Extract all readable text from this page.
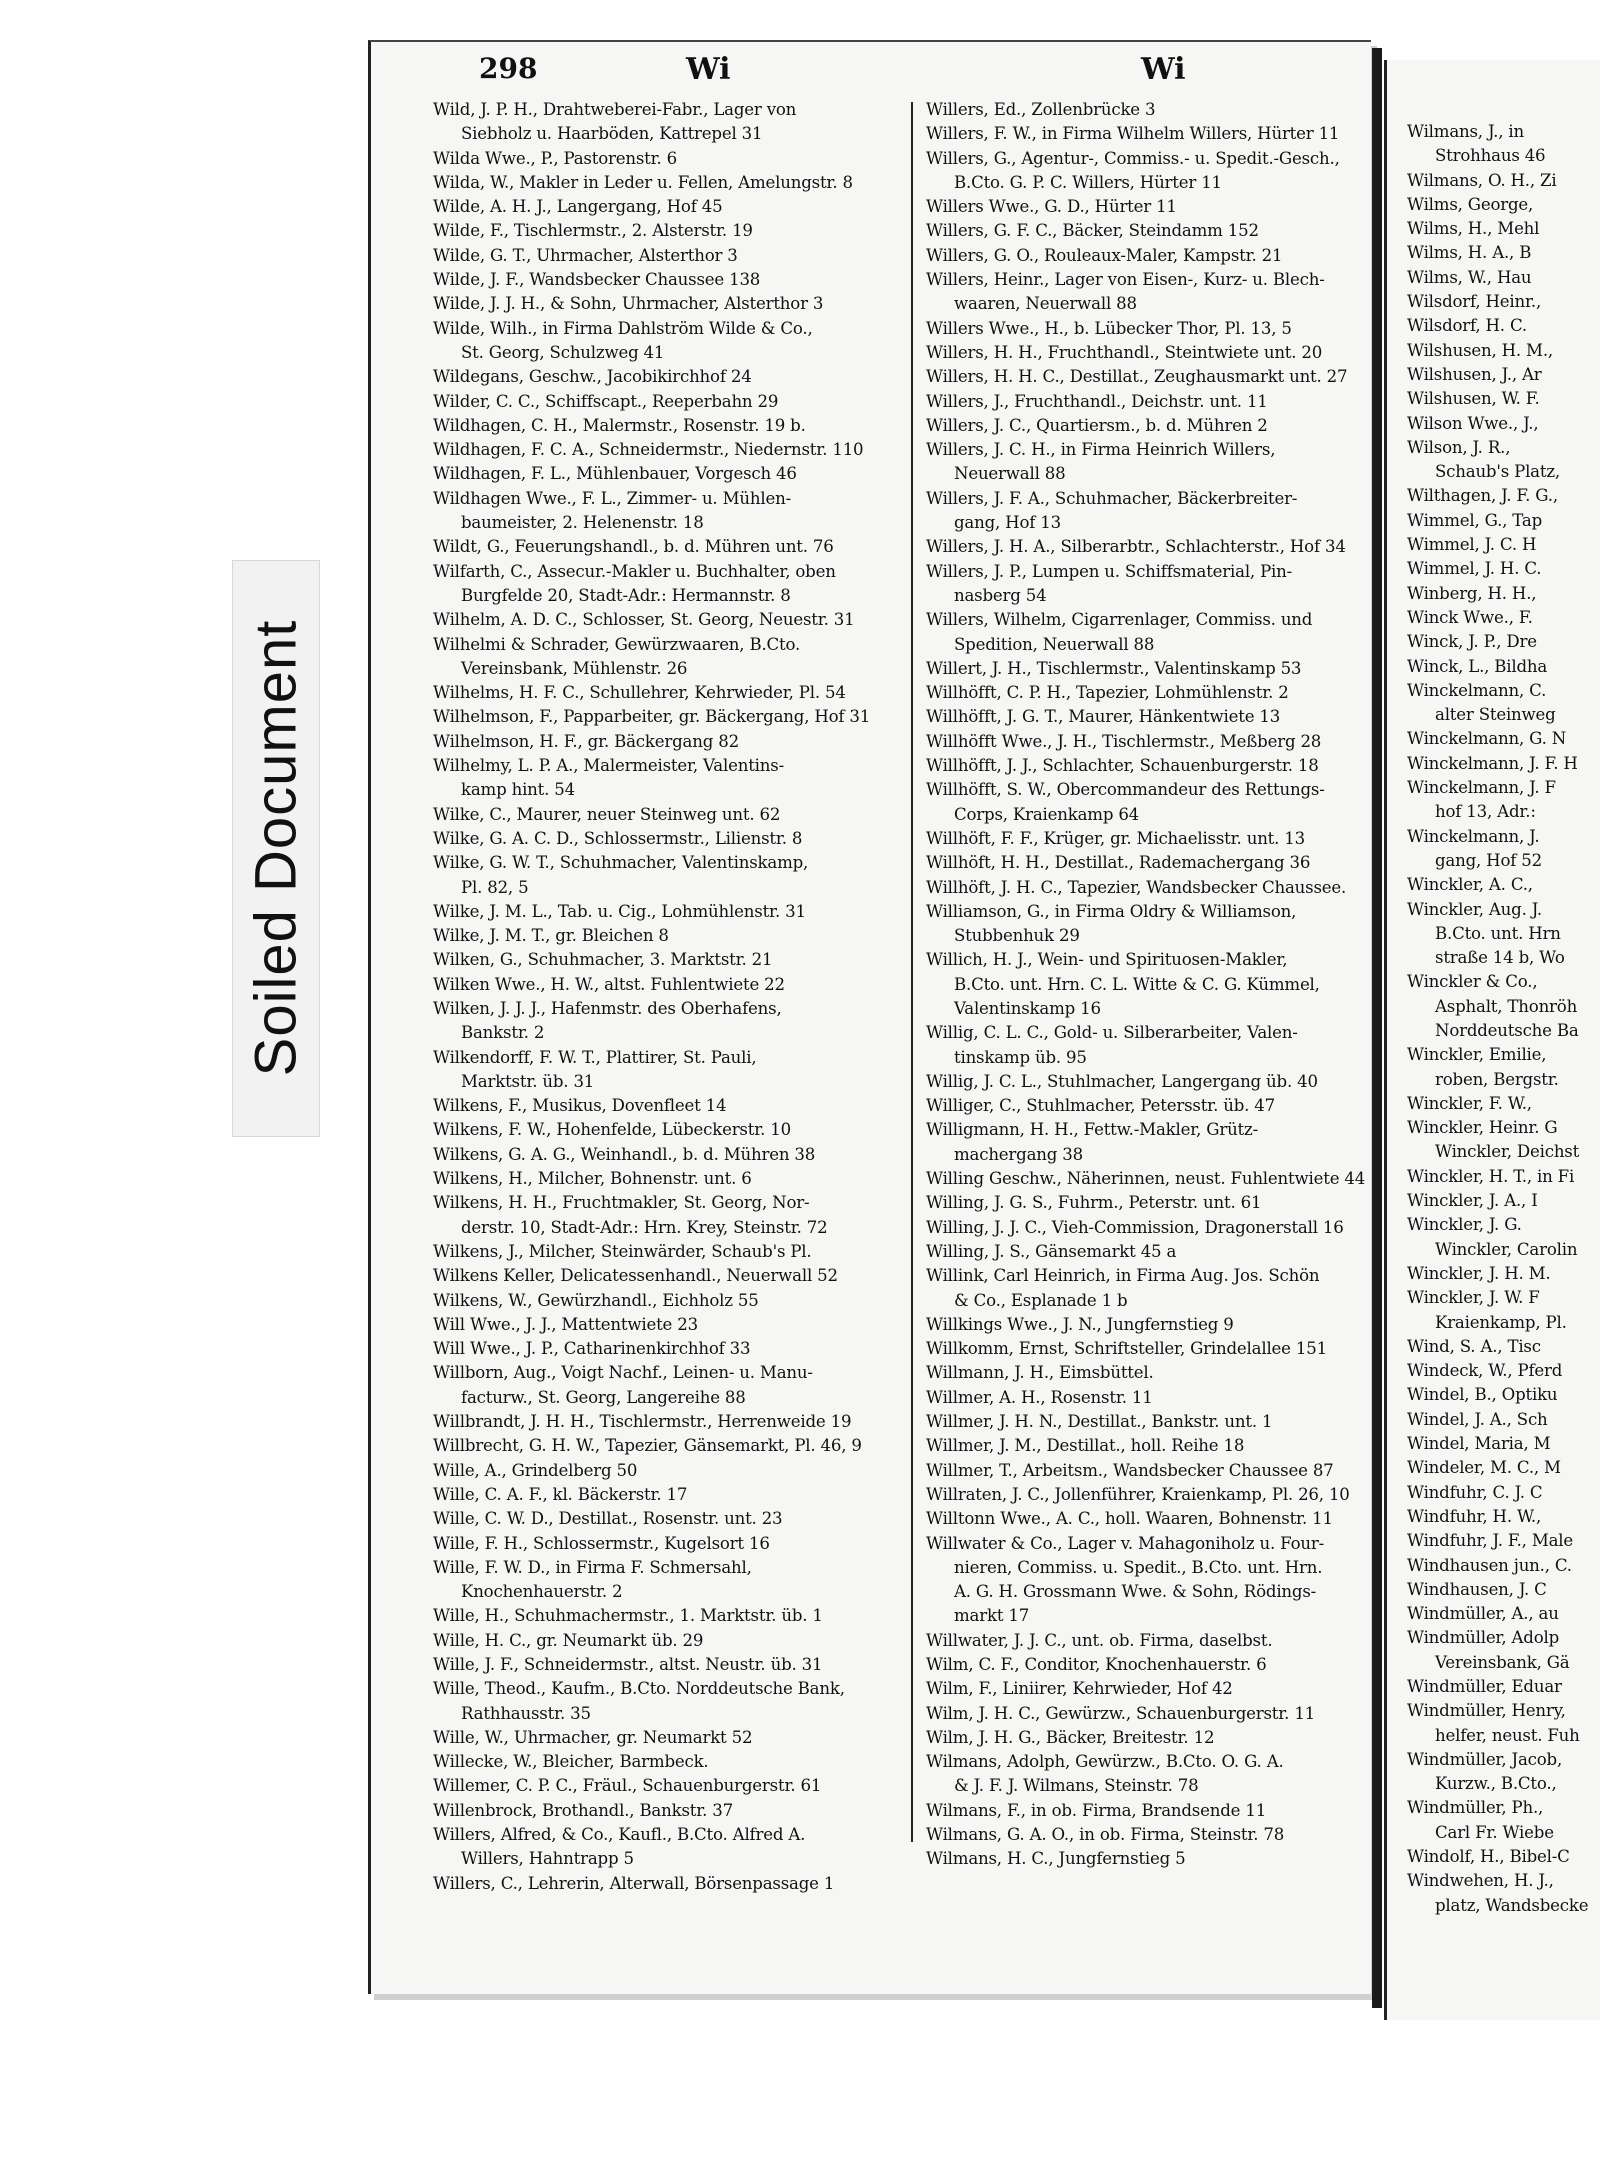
Soiled Document
298	Wi	Wi
Wild, J. P. H., Drahtweberei-Fabr., Lager von
Siebholz u. Haarböden, Kattrepel 31
Wilda Wwe., P., Pastorenstr. 6
Wilda, W., Makler in Leder u. Fellen, Amelungstr. 8
Wilde, A. H. J., Langergang, Hof 45
Wilde, F., Tischlermstr., 2. Alsterstr. 19
Wilde, G. T., Uhrmacher, Alsterthor 3
Wilde, J. F., Wandsbecker Chaussee 138
Wilde, J. J. H., & Sohn, Uhrmacher, Alsterthor 3
Wilde, Wilh., in Firma Dahlström Wilde & Co.,
St. Georg, Schulzweg 41
Wildegans, Geschw., Jacobikirchhof 24
Wilder, C. C., Schiffscapt., Reeperbahn 29
Wildhagen, C. H., Malermstr., Rosenstr. 19 b.
Wildhagen, F. C. A., Schneidermstr., Niedernstr. 110
Wildhagen, F. L., Mühlenbauer, Vorgesch 46
Wildhagen Wwe., F. L., Zimmer- u. Mühlen-
baumeister, 2. Helenenstr. 18
Wildt, G., Feuerungshandl., b. d. Mühren unt. 76
Wilfarth, C., Assecur.-Makler u. Buchhalter, oben
Burgfelde 20, Stadt-Adr.: Hermannstr. 8
Wilhelm, A. D. C., Schlosser, St. Georg, Neuestr. 31
Wilhelmi & Schrader, Gewürzwaaren, B.Cto.
Vereinsbank, Mühlenstr. 26
Wilhelms, H. F. C., Schullehrer, Kehrwieder, Pl. 54
Wilhelmson, F., Papparbeiter, gr. Bäckergang, Hof 31
Wilhelmson, H. F., gr. Bäckergang 82
Wilhelmy, L. P. A., Malermeister, Valentins-
kamp hint. 54
Wilke, C., Maurer, neuer Steinweg unt. 62
Wilke, G. A. C. D., Schlossermstr., Lilienstr. 8
Wilke, G. W. T., Schuhmacher, Valentinskamp,
Pl. 82, 5
Wilke, J. M. L., Tab. u. Cig., Lohmühlenstr. 31
Wilke, J. M. T., gr. Bleichen 8
Wilken, G., Schuhmacher, 3. Marktstr. 21
Wilken Wwe., H. W., altst. Fuhlentwiete 22
Wilken, J. J. J., Hafenmstr. des Oberhafens,
Bankstr. 2
Wilkendorff, F. W. T., Plattirer, St. Pauli,
Marktstr. üb. 31
Wilkens, F., Musikus, Dovenfleet 14
Wilkens, F. W., Hohenfelde, Lübeckerstr. 10
Wilkens, G. A. G., Weinhandl., b. d. Mühren 38
Wilkens, H., Milcher, Bohnenstr. unt. 6
Wilkens, H. H., Fruchtmakler, St. Georg, Nor-
derstr. 10, Stadt-Adr.: Hrn. Krey, Steinstr. 72
Wilkens, J., Milcher, Steinwärder, Schaub's Pl.
Wilkens Keller, Delicatessenhandl., Neuerwall 52
Wilkens, W., Gewürzhandl., Eichholz 55
Will Wwe., J. J., Mattentwiete 23
Will Wwe., J. P., Catharinenkirchhof 33
Willborn, Aug., Voigt Nachf., Leinen- u. Manu-
facturw., St. Georg, Langereihe 88
Willbrandt, J. H. H., Tischlermstr., Herrenweide 19
Willbrecht, G. H. W., Tapezier, Gänsemarkt, Pl. 46, 9
Wille, A., Grindelberg 50
Wille, C. A. F., kl. Bäckerstr. 17
Wille, C. W. D., Destillat., Rosenstr. unt. 23
Wille, F. H., Schlossermstr., Kugelsort 16
Wille, F. W. D., in Firma F. Schmersahl,
Knochenhauerstr. 2
Wille, H., Schuhmachermstr., 1. Marktstr. üb. 1
Wille, H. C., gr. Neumarkt üb. 29
Wille, J. F., Schneidermstr., altst. Neustr. üb. 31
Wille, Theod., Kaufm., B.Cto. Norddeutsche Bank,
Rathhausstr. 35
Wille, W., Uhrmacher, gr. Neumarkt 52
Willecke, W., Bleicher, Barmbeck.
Willemer, C. P. C., Fräul., Schauenburgerstr. 61
Willenbrock, Brothandl., Bankstr. 37
Willers, Alfred, & Co., Kaufl., B.Cto. Alfred A.
Willers, Hahntrapp 5
Willers, C., Lehrerin, Alterwall, Börsenpassage 1
Willers, Ed., Zollenbrücke 3
Willers, F. W., in Firma Wilhelm Willers, Hürter 11
Willers, G., Agentur-, Commiss.- u. Spedit.-Gesch.,
B.Cto. G. P. C. Willers, Hürter 11
Willers Wwe., G. D., Hürter 11
Willers, G. F. C., Bäcker, Steindamm 152
Willers, G. O., Rouleaux-Maler, Kampstr. 21
Willers, Heinr., Lager von Eisen-, Kurz- u. Blech-
waaren, Neuerwall 88
Willers Wwe., H., b. Lübecker Thor, Pl. 13, 5
Willers, H. H., Fruchthandl., Steintwiete unt. 20
Willers, H. H. C., Destillat., Zeughausmarkt unt. 27
Willers, J., Fruchthandl., Deichstr. unt. 11
Willers, J. C., Quartiersm., b. d. Mühren 2
Willers, J. C. H., in Firma Heinrich Willers,
Neuerwall 88
Willers, J. F. A., Schuhmacher, Bäckerbreiter-
gang, Hof 13
Willers, J. H. A., Silberarbtr., Schlachterstr., Hof 34
Willers, J. P., Lumpen u. Schiffsmaterial, Pin-
nasberg 54
Willers, Wilhelm, Cigarrenlager, Commiss. und
Spedition, Neuerwall 88
Willert, J. H., Tischlermstr., Valentinskamp 53
Willhöfft, C. P. H., Tapezier, Lohmühlenstr. 2
Willhöfft, J. G. T., Maurer, Hänkentwiete 13
Willhöfft Wwe., J. H., Tischlermstr., Meßberg 28
Willhöfft, J. J., Schlachter, Schauenburgerstr. 18
Willhöfft, S. W., Obercommandeur des Rettungs-
Corps, Kraienkamp 64
Willhöft, F. F., Krüger, gr. Michaelisstr. unt. 13
Willhöft, H. H., Destillat., Rademachergang 36
Willhöft, J. H. C., Tapezier, Wandsbecker Chaussee.
Williamson, G., in Firma Oldry & Williamson,
Stubbenhuk 29
Willich, H. J., Wein- und Spirituosen-Makler,
B.Cto. unt. Hrn. C. L. Witte & C. G. Kümmel,
Valentinskamp 16
Willig, C. L. C., Gold- u. Silberarbeiter, Valen-
tinskamp üb. 95
Willig, J. C. L., Stuhlmacher, Langergang üb. 40
Williger, C., Stuhlmacher, Petersstr. üb. 47
Willigmann, H. H., Fettw.-Makler, Grütz-
machergang 38
Willing Geschw., Näherinnen, neust. Fuhlentwiete 44
Willing, J. G. S., Fuhrm., Peterstr. unt. 61
Willing, J. J. C., Vieh-Commission, Dragonerstall 16
Willing, J. S., Gänsemarkt 45 a
Willink, Carl Heinrich, in Firma Aug. Jos. Schön
& Co., Esplanade 1 b
Willkings Wwe., J. N., Jungfernstieg 9
Willkomm, Ernst, Schriftsteller, Grindelallee 151
Willmann, J. H., Eimsbüttel.
Willmer, A. H., Rosenstr. 11
Willmer, J. H. N., Destillat., Bankstr. unt. 1
Willmer, J. M., Destillat., holl. Reihe 18
Willmer, T., Arbeitsm., Wandsbecker Chaussee 87
Willraten, J. C., Jollenführer, Kraienkamp, Pl. 26, 10
Willtonn Wwe., A. C., holl. Waaren, Bohnenstr. 11
Willwater & Co., Lager v. Mahagoniholz u. Four-
nieren, Commiss. u. Spedit., B.Cto. unt. Hrn.
A. G. H. Grossmann Wwe. & Sohn, Rödings-
markt 17
Willwater, J. J. C., unt. ob. Firma, daselbst.
Wilm, C. F., Conditor, Knochenhauerstr. 6
Wilm, F., Liniirer, Kehrwieder, Hof 42
Wilm, J. H. C., Gewürzw., Schauenburgerstr. 11
Wilm, J. H. G., Bäcker, Breitestr. 12
Wilmans, Adolph, Gewürzw., B.Cto. O. G. A.
& J. F. J. Wilmans, Steinstr. 78
Wilmans, F., in ob. Firma, Brandsende 11
Wilmans, G. A. O., in ob. Firma, Steinstr. 78
Wilmans, H. C., Jungfernstieg 5
Wilmans, J., in
Strohhaus 46
Wilmans, O. H., Zi
Wilms, George,
Wilms, H., Mehl
Wilms, H. A., B
Wilms, W., Hau
Wilsdorf, Heinr.,
Wilsdorf, H. C.
Wilshusen, H. M.,
Wilshusen, J., Ar
Wilshusen, W. F.
Wilson Wwe., J.,
Wilson, J. R.,
Schaub's Platz,
Wilthagen, J. F. G.,
Wimmel, G., Tap
Wimmel, J. C. H
Wimmel, J. H. C.
Winberg, H. H.,
Winck Wwe., F.
Winck, J. P., Dre
Winck, L., Bildha
Winckelmann, C.
alter Steinweg
Winckelmann, G. N
Winckelmann, J. F. H
Winckelmann, J. F
hof 13, Adr.:
Winckelmann, J.
gang, Hof 52
Winckler, A. C.,
Winckler, Aug. J.
B.Cto. unt. Hrn
straße 14 b, Wo
Winckler & Co.,
Asphalt, Thonröh
Norddeutsche Ba
Winckler, Emilie,
roben, Bergstr.
Winckler, F. W.,
Winckler, Heinr. G
Winckler, Deichst
Winckler, H. T., in Fi
Winckler, J. A., I
Winckler, J. G.
Winckler, Carolin
Winckler, J. H. M.
Winckler, J. W. F
Kraienkamp, Pl.
Wind, S. A., Tisc
Windeck, W., Pferd
Windel, B., Optiku
Windel, J. A., Sch
Windel, Maria, M
Windeler, M. C., M
Windfuhr, C. J. C
Windfuhr, H. W.,
Windfuhr, J. F., Male
Windhausen jun., C.
Windhausen, J. C
Windmüller, A., au
Windmüller, Adolp
Vereinsbank, Gä
Windmüller, Eduar
Windmüller, Henry,
helfer, neust. Fuh
Windmüller, Jacob,
Kurzw., B.Cto.,
Windmüller, Ph.,
Carl Fr. Wiebe
Windolf, H., Bibel-C
Windwehen, H. J.,
platz, Wandsbecke
